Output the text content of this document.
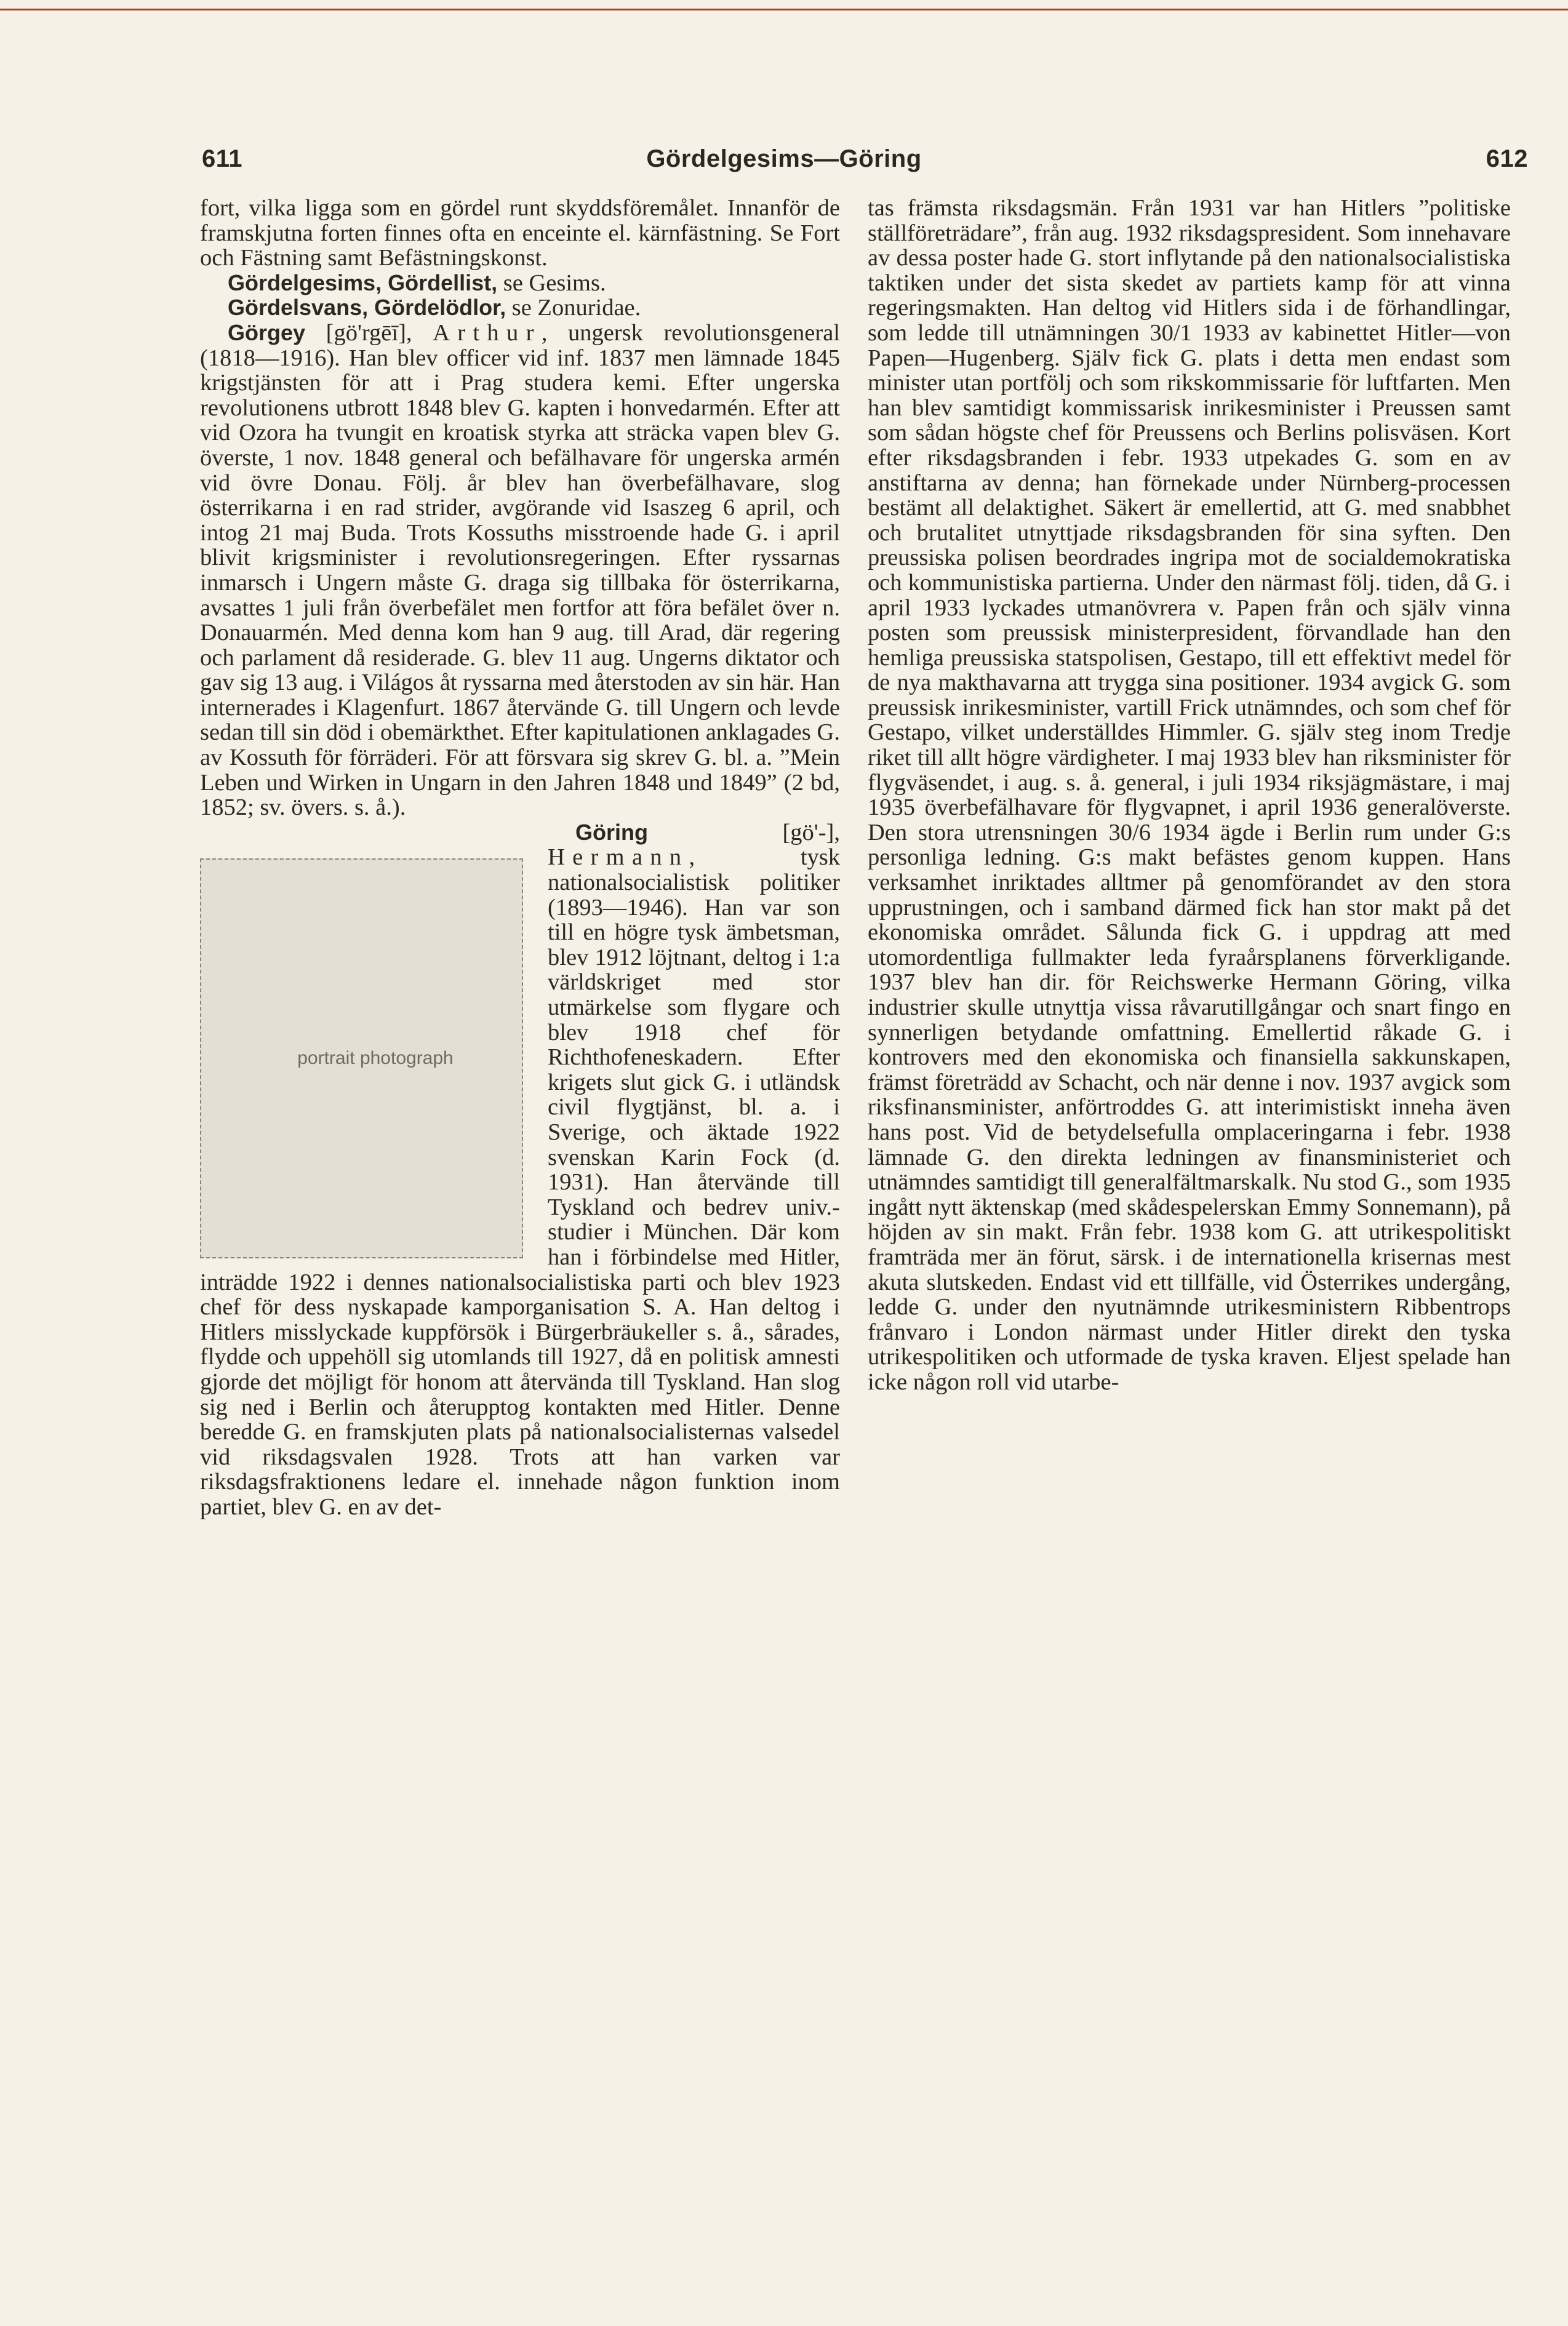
611	Gördelgesims—Göring	612

fort, vilka ligga som en gördel runt skyddsföremålet. Innanför de framskjutna forten finnes ofta en enceinte el. kärnfästning. Se Fort och Fästning samt Befästningskonst.

Gördelgesims, Gördellist, se Gesims.

Gördelsvans, Gördelödlor, se Zonuridae.

Görgey [gö'rgēī], Arthur, ungersk revolutionsgeneral (1818—1916). Han blev officer vid inf. 1837 men lämnade 1845 krigstjänsten för att i Prag studera kemi. Efter ungerska revolutionens utbrott 1848 blev G. kapten i honvedarmén. Efter att vid Ozora ha tvungit en kroatisk styrka att sträcka vapen blev G. överste, 1 nov. 1848 general och befälhavare för ungerska armén vid övre Donau. Följ. år blev han överbefälhavare, slog österrikarna i en rad strider, avgörande vid Isaszeg 6 april, och intog 21 maj Buda. Trots Kossuths misstroende hade G. i april blivit krigsminister i revolutionsregeringen. Efter ryssarnas inmarsch i Ungern måste G. draga sig tillbaka för österrikarna, avsattes 1 juli från överbefälet men fortfor att föra befälet över n. Donauarmén. Med denna kom han 9 aug. till Arad, där regering och parlament då residerade. G. blev 11 aug. Ungerns diktator och gav sig 13 aug. i Világos åt ryssarna med återstoden av sin här. Han internerades i Klagenfurt. 1867 återvände G. till Ungern och levde sedan till sin död i obemärkthet. Efter kapitulationen anklagades G. av Kossuth för förräderi. För att försvara sig skrev G. bl. a. ”Mein Leben und Wirken in Ungarn in den Jahren 1848 und 1849” (2 bd, 1852; sv. övers. s. å.).

portrait photograph
Göring [gö'-], Hermann, tysk nationalsocialistisk politiker (1893—1946). Han var son till en högre tysk ämbetsman, blev 1912 löjtnant, deltog i 1:a världskriget med stor utmärkelse som flygare och blev 1918 chef för Richthofeneskadern. Efter krigets slut gick G. i utländsk civil flygtjänst, bl. a. i Sverige, och äktade 1922 svenskan Karin Fock (d. 1931). Han återvände till Tyskland och bedrev univ.-studier i München. Där kom han i förbindelse med Hitler, inträdde 1922 i dennes nationalsocialistiska parti och blev 1923 chef för dess nyskapade kamporganisation S. A. Han deltog i Hitlers misslyckade kuppförsök i Bürgerbräukeller s. å., sårades, flydde och uppehöll sig utomlands till 1927, då en politisk amnesti gjorde det möjligt för honom att återvända till Tyskland. Han slog sig ned i Berlin och återupptog kontakten med Hitler. Denne beredde G. en framskjuten plats på nationalsocialisternas valsedel vid riksdagsvalen 1928. Trots att han varken var riksdagsfraktionens ledare el. innehade någon funktion inom partiet, blev G. en av det-

tas främsta riksdagsmän. Från 1931 var han Hitlers ”politiske ställföreträdare”, från aug. 1932 riksdagspresident. Som innehavare av dessa poster hade G. stort inflytande på den nationalsocialistiska taktiken under det sista skedet av partiets kamp för att vinna regeringsmakten. Han deltog vid Hitlers sida i de förhandlingar, som ledde till utnämningen 30/1 1933 av kabinettet Hitler—von Papen—Hugenberg. Själv fick G. plats i detta men endast som minister utan portfölj och som rikskommissarie för luftfarten. Men han blev samtidigt kommissarisk inrikesminister i Preussen samt som sådan högste chef för Preussens och Berlins polisväsen. Kort efter riksdagsbranden i febr. 1933 utpekades G. som en av anstiftarna av denna; han förnekade under Nürnberg-processen bestämt all delaktighet. Säkert är emellertid, att G. med snabbhet och brutalitet utnyttjade riksdagsbranden för sina syften. Den preussiska polisen beordrades ingripa mot de socialdemokratiska och kommunistiska partierna. Under den närmast följ. tiden, då G. i april 1933 lyckades utmanövrera v. Papen från och själv vinna posten som preussisk ministerpresident, förvandlade han den hemliga preussiska statspolisen, Gestapo, till ett effektivt medel för de nya makthavarna att trygga sina positioner. 1934 avgick G. som preussisk inrikesminister, vartill Frick utnämndes, och som chef för Gestapo, vilket underställdes Himmler. G. själv steg inom Tredje riket till allt högre värdigheter. I maj 1933 blev han riksminister för flygväsendet, i aug. s. å. general, i juli 1934 riksjägmästare, i maj 1935 överbefälhavare för flygvapnet, i april 1936 generalöverste. Den stora utrensningen 30/6 1934 ägde i Berlin rum under G:s personliga ledning. G:s makt befästes genom kuppen. Hans verksamhet inriktades alltmer på genomförandet av den stora upprustningen, och i samband därmed fick han stor makt på det ekonomiska området. Sålunda fick G. i uppdrag att med utomordentliga fullmakter leda fyraårsplanens förverkligande. 1937 blev han dir. för Reichswerke Hermann Göring, vilka industrier skulle utnyttja vissa råvarutillgångar och snart fingo en synnerligen betydande omfattning. Emellertid råkade G. i kontrovers med den ekonomiska och finansiella sakkunskapen, främst företrädd av Schacht, och när denne i nov. 1937 avgick som riksfinansminister, anförtroddes G. att interimistiskt inneha även hans post. Vid de betydelsefulla omplaceringarna i febr. 1938 lämnade G. den direkta ledningen av finansministeriet och utnämndes samtidigt till generalfältmarskalk. Nu stod G., som 1935 ingått nytt äktenskap (med skådespelerskan Emmy Sonnemann), på höjden av sin makt. Från febr. 1938 kom G. att utrikespolitiskt framträda mer än förut, särsk. i de internationella krisernas mest akuta slutskeden. Endast vid ett tillfälle, vid Österrikes undergång, ledde G. under den nyutnämnde utrikesministern Ribbentrops frånvaro i London närmast under Hitler direkt den tyska utrikespolitiken och utformade de tyska kraven. Eljest spelade han icke någon roll vid utarbe-
